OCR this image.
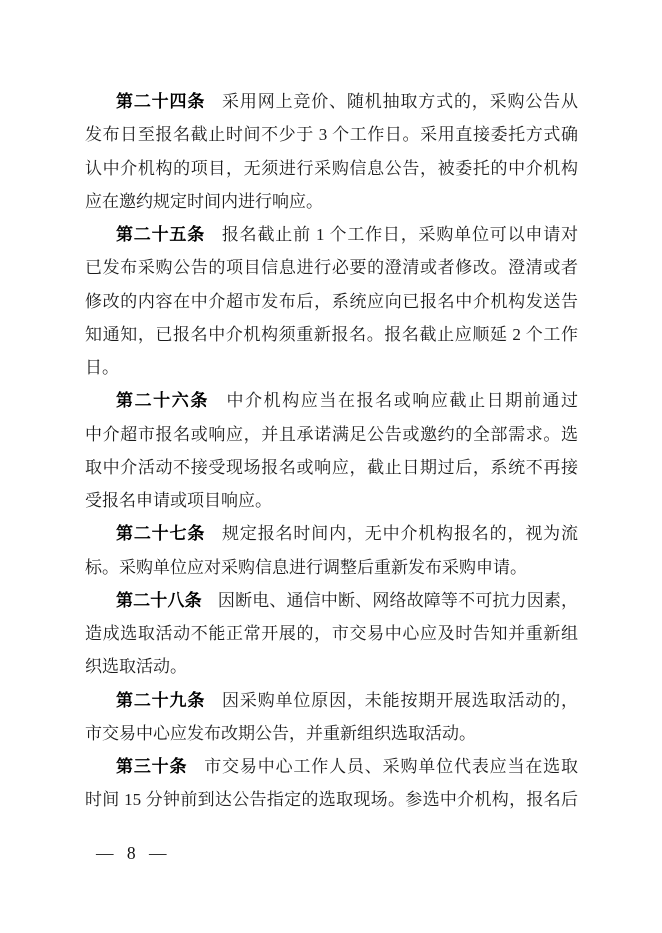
第二十四条 采用网上竞价、随机抽取方式的，采购公告从
发布日至报名截止时间不少于 3 个工作日。采用直接委托方式确
认中介机构的项目，无须进行采购信息公告，被委托的中介机构
应在邀约规定时间内进行响应。

第二十五条 报名截止前 1 个工作日，采购单位可以申请对
已发布采购公告的项目信息进行必要的澄清或者修改。澄清或者
修改的内容在中介超市发布后，系统应向已报名中介机构发送告
知通知，已报名中介机构须重新报名。报名截止应顺延 2 个工作
日。

第二十六条 中介机构应当在报名或响应截止日期前通过
中介超市报名或响应，并且承诺满足公告或邀约的全部需求。选
取中介活动不接受现场报名或响应，截止日期过后，系统不再接
受报名申请或项目响应。

第二十七条 规定报名时间内，无中介机构报名的，视为流
标。采购单位应对采购信息进行调整后重新发布采购申请。

第二十八条 因断电、通信中断、网络故障等不可抗力因素，
造成选取活动不能正常开展的，市交易中心应及时告知并重新组
织选取活动。

第二十九条 因采购单位原因，未能按期开展选取活动的，
市交易中心应发布改期公告，并重新组织选取活动。

第三十条 市交易中心工作人员、采购单位代表应当在选取
时间 15 分钟前到达公告指定的选取现场。参选中介机构，报名后

— 8 —
